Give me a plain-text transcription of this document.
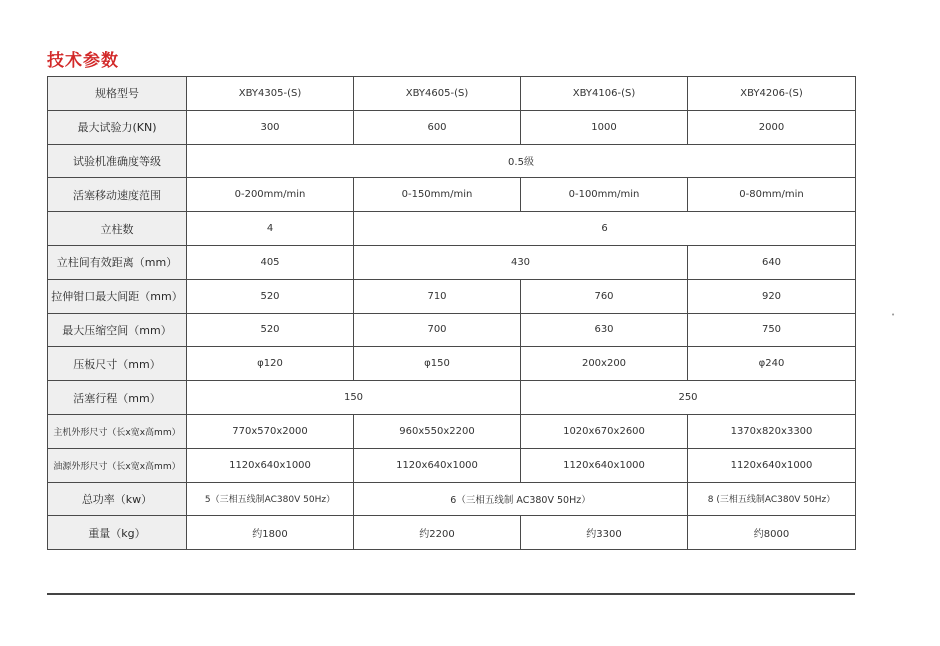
技术参数
规格型号	XBY4305-(S)	XBY4605-(S)	XBY4106-(S)	XBY4206-(S)
最大试验力(KN)	300	600	1000	2000
试验机准确度等级	0.5级			
活塞移动速度范围	0-200mm/min	0-150mm/min	0-100mm/min	0-80mm/min
立柱数	4	6		
立柱间有效距离（mm）	405	430		640
拉伸钳口最大间距（mm）	520	710	760	920
最大压缩空间（mm）	520	700	630	750
压板尺寸（mm）	φ120	φ150	200x200	φ240
活塞行程（mm）	150		250	
主机外形尺寸（长x宽x高mm）	770x570x2000	960x550x2200	1020x670x2600	1370x820x3300
油源外形尺寸（长x宽x高mm）	1120x640x1000	1120x640x1000	1120x640x1000	1120x640x1000
总功率（kw）	5（三相五线制AC380V 50Hz）	6（三相五线制 AC380V 50Hz）		8 (三相五线制AC380V 50Hz）
重量（kg）	约1800	约2200	约3300	约8000
•
